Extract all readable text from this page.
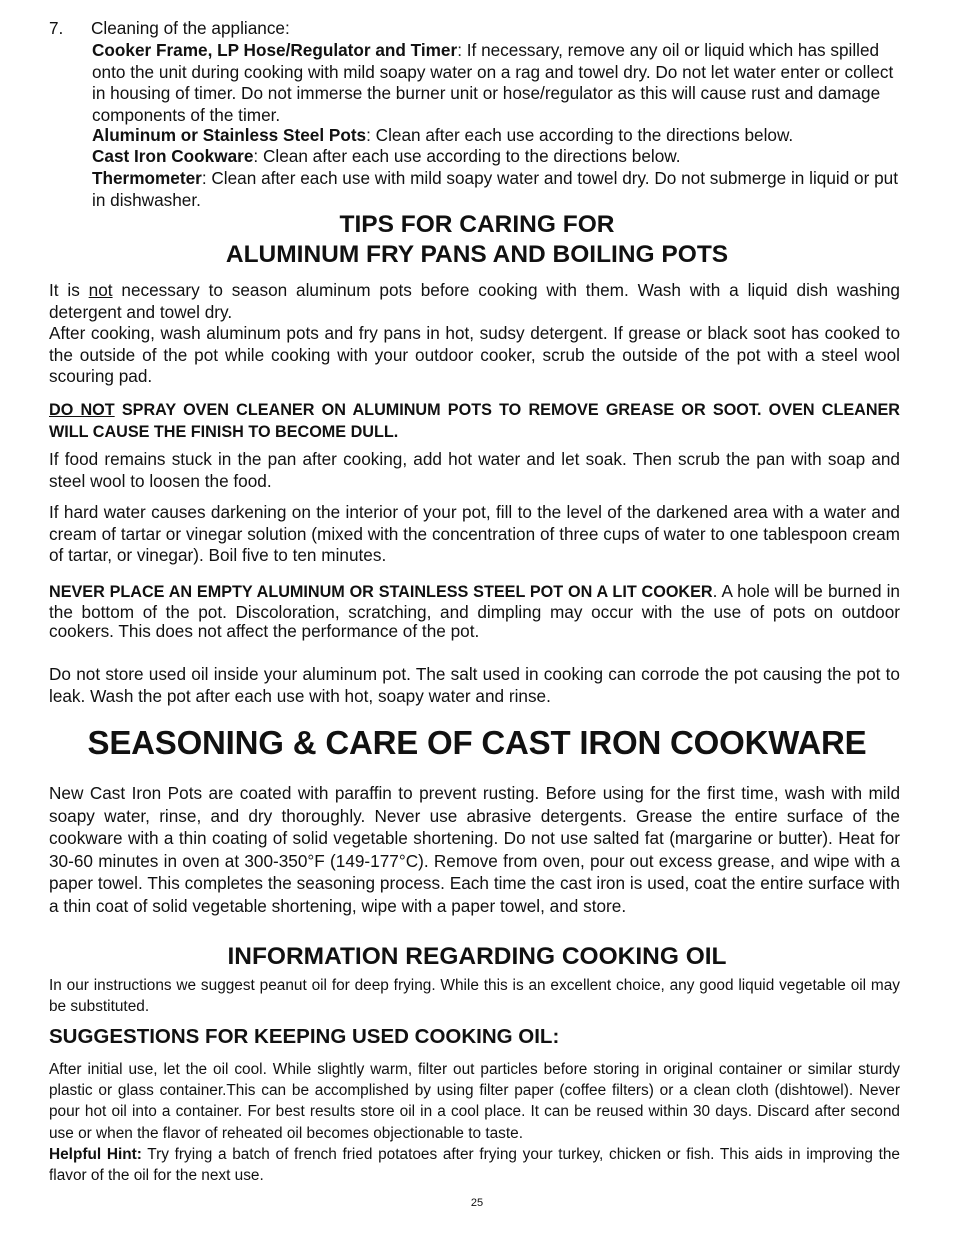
7. Cleaning of the appliance:

Cooker Frame, LP Hose/Regulator and Timer: If necessary, remove any oil or liquid which has spilled onto the unit during cooking with mild soapy water on a rag and towel dry. Do not let water enter or collect in housing of timer. Do not immerse the burner unit or hose/regulator as this will cause rust and damage components of the timer.

Aluminum or Stainless Steel Pots: Clean after each use according to the directions below.

Cast Iron Cookware: Clean after each use according to the directions below.

Thermometer: Clean after each use with mild soapy water and towel dry. Do not submerge in liquid or put in dishwasher.

TIPS FOR CARING FOR
ALUMINUM FRY PANS AND BOILING POTS

It is not necessary to season aluminum pots before cooking with them. Wash with a liquid dish washing detergent and towel dry.

After cooking, wash aluminum pots and fry pans in hot, sudsy detergent. If grease or black soot has cooked to the outside of the pot while cooking with your outdoor cooker, scrub the outside of the pot with a steel wool scouring pad.

DO NOT SPRAY OVEN CLEANER ON ALUMINUM POTS TO REMOVE GREASE OR SOOT. OVEN CLEANER WILL CAUSE THE FINISH TO BECOME DULL.

If food remains stuck in the pan after cooking, add hot water and let soak. Then scrub the pan with soap and steel wool to loosen the food.

If hard water causes darkening on the interior of your pot, fill to the level of the darkened area with a water and cream of tartar or vinegar solution (mixed with the concentration of three cups of water to one tablespoon cream of tartar, or vinegar). Boil five to ten minutes.

NEVER PLACE AN EMPTY ALUMINUM OR STAINLESS STEEL POT ON A LIT COOKER. A hole will be burned in the bottom of the pot. Discoloration, scratching, and dimpling may occur with the use of pots on outdoor cookers. This does not affect the performance of the pot.

Do not store used oil inside your aluminum pot. The salt used in cooking can corrode the pot causing the pot to leak. Wash the pot after each use with hot, soapy water and rinse.

SEASONING & CARE OF CAST IRON COOKWARE

New Cast Iron Pots are coated with paraffin to prevent rusting. Before using for the first time, wash with mild soapy water, rinse, and dry thoroughly. Never use abrasive detergents. Grease the entire surface of the cookware with a thin coating of solid vegetable shortening. Do not use salted fat (margarine or butter). Heat for 30-60 minutes in oven at 300-350°F (149-177°C). Remove from oven, pour out excess grease, and wipe with a paper towel. This completes the seasoning process. Each time the cast iron is used, coat the entire surface with a thin coat of solid vegetable shortening, wipe with a paper towel, and store.

INFORMATION REGARDING COOKING OIL

In our instructions we suggest peanut oil for deep frying. While this is an excellent choice, any good liquid vegetable oil may be substituted.

SUGGESTIONS FOR KEEPING USED COOKING OIL:

After initial use, let the oil cool. While slightly warm, filter out particles before storing in original container or similar sturdy plastic or glass container.This can be accomplished by using filter paper (coffee filters) or a clean cloth (dishtowel). Never pour hot oil into a container. For best results store oil in a cool place. It can be reused within 30 days. Discard after second use or when the flavor of reheated oil becomes objectionable to taste.

Helpful Hint: Try frying a batch of french fried potatoes after frying your turkey, chicken or fish. This aids in improving the flavor of the oil for the next use.

25
